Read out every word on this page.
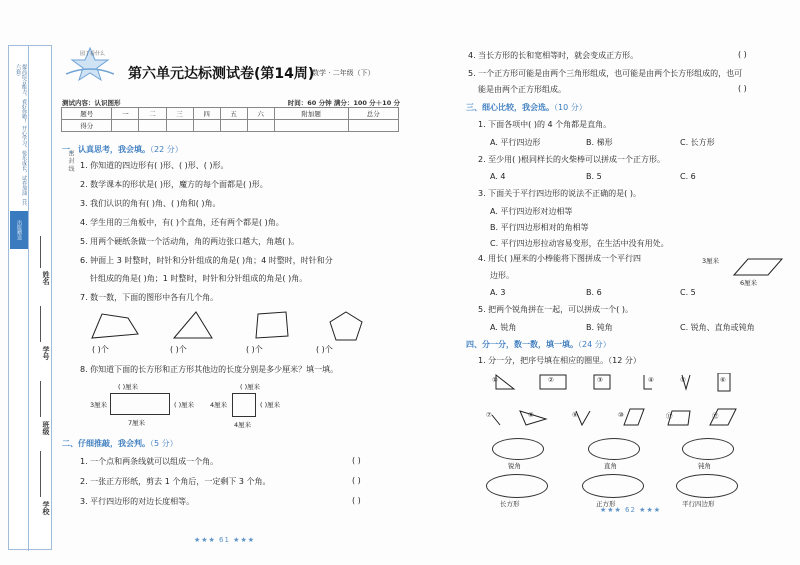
提高综合能力，看好你哟！ 开心学习，快乐成长，试卷加油（共六套）
出版赠送
姓名
学号
班级
学校
密 封 线
园丁看什么
第六单元达标测试卷(第14周)
数学 · 二年级（下）
测试内容：认识图形	时间：60 分钟 满分：100 分＋10 分
题号	一	二	三	四	五	六	附加题	总分
得分								
一、认真思考，我会填。（22 分）
1. 你知道的四边形有( )形、( )形、( )形。
2. 数学课本的形状是( )形，魔方的每个面都是( )形。
3. 我们认识的角有( )角、( )角和( )角。
4. 学生用的三角板中，有( )个直角，还有两个都是( )角。
5. 用两个硬纸条做一个活动角，角的两边张口越大，角越( )。
6. 钟面上 3 时整时，时针和分针组成的角是( )角；4 时整时，时针和分
针组成的角是( )角；1 时整时，时针和分针组成的角是( )角。
7. 数一数，下面的图形中各有几个角。
( )个	( )个	( )个	( )个
8. 你知道下面的长方形和正方形其他边的长度分别是多少厘米？填一填。
( )厘米
3厘米	( )厘米
7厘米
( )厘米
4厘米	( )厘米
4厘米
二、仔细推敲，我会判。（5 分）
1. 一个点和两条线就可以组成一个角。	( )
2. 一张正方形纸，剪去 1 个角后，一定剩下 3 个角。	( )
3. 平行四边形的对边长度相等。	( )
★★★ 61 ★★★
4. 当长方形的长和宽相等时，就会变成正方形。	( )
5. 一个正方形可能是由两个三角形组成，也可能是由两个长方形组成的，也可
能是由两个正方形组成。	( )
三、细心比较，我会选。（10 分）
1. 下面各项中( )的 4 个角都是直角。
A. 平行四边形	B. 梯形	C. 长方形
2. 至少用( )根同样长的火柴棒可以拼成一个正方形。
A. 4	B. 5	C. 6
3. 下面关于平行四边形的说法不正确的是( )。
A. 平行四边形对边相等
B. 平行四边形相对的角相等
C. 平行四边形拉动容易变形，在生活中没有用处。
4. 用长( )厘米的小棒能将下图拼成一个平行四
边形。
3厘米
6厘米
A. 3	B. 6	C. 5
5. 把两个锐角拼在一起，可以拼成一个( )。
A. 锐角	B. 钝角	C. 锐角、直角或钝角
四、分一分，数一数，填一填。（24 分）
1. 分一分，把序号填在相应的圈里。（12 分）
①	②	③	④	⑤	⑥
⑦	⑧	⑨	⑩	⑪	⑫
锐角	直角	钝角
长方形	正方形	平行四边形
★★★ 62 ★★★
